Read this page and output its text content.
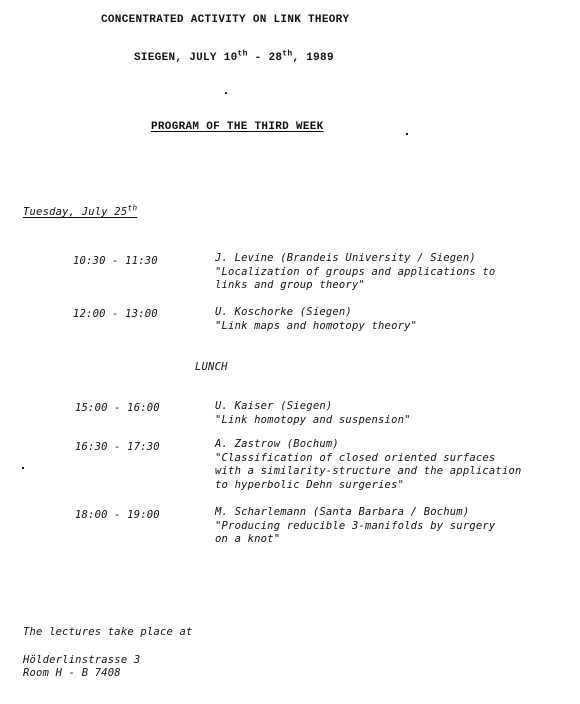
CONCENTRATED ACTIVITY ON LINK THEORY
SIEGEN, JULY 10th - 28th, 1989
PROGRAM OF THE THIRD WEEK
Tuesday, July 25th
10:30 - 11:30	J. Levine (Brandeis University / Siegen)
"Localization of groups and applications to
links and group theory"
12:00 - 13:00	U. Koschorke (Siegen)
"Link maps and homotopy theory"
LUNCH
15:00 - 16:00	U. Kaiser (Siegen)
"Link homotopy and suspension"
16:30 - 17:30	A. Zastrow (Bochum)
"Classification of closed oriented surfaces
with a similarity-structure and the application
to hyperbolic Dehn surgeries"
18:00 - 19:00	M. Scharlemann (Santa Barbara / Bochum)
"Producing reducible 3-manifolds by surgery
on a knot"
The lectures take place at
Hölderlinstrasse 3
Room H - B 7408
